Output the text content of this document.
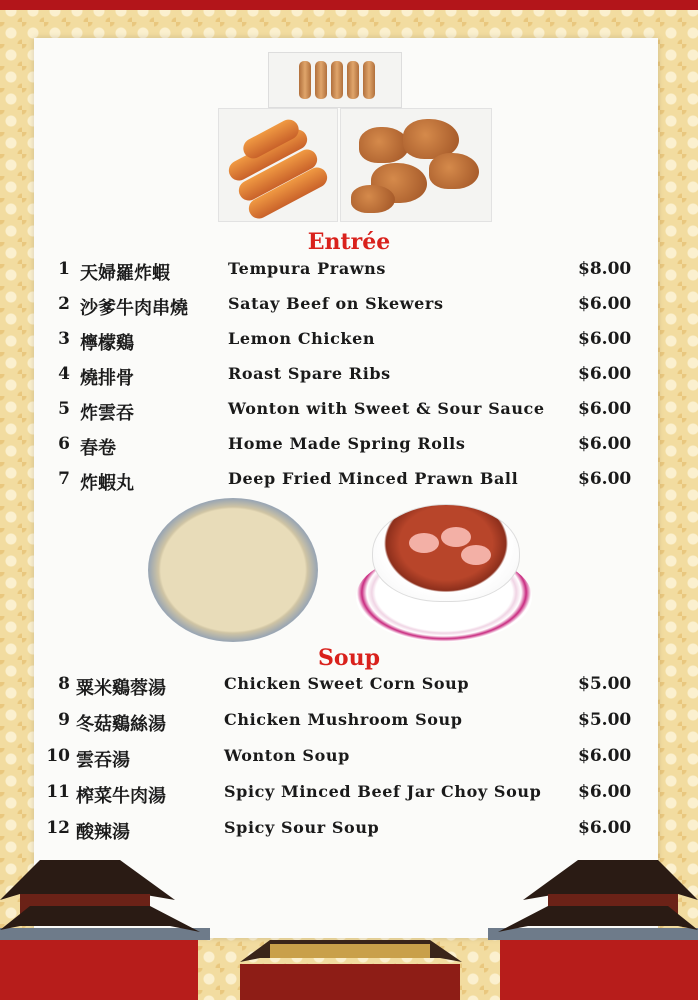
Entrée
1 天婦羅炸蝦	Tempura Prawns	$8.00
2 沙爹牛肉串燒	Satay Beef on Skewers	$6.00
3 檸檬鷄	Lemon Chicken	$6.00
4 燒排骨	Roast Spare Ribs	$6.00
5 炸雲吞	Wonton with Sweet & Sour Sauce $6.00
6 春卷	Home Made Spring Rolls	$6.00
7 炸蝦丸	Deep Fried Minced Prawn Ball	$6.00
Soup
8 粟米鷄蓉湯	Chicken Sweet Corn Soup	$5.00
9 冬菇鷄絲湯	Chicken Mushroom Soup	$5.00
10 雲吞湯	Wonton Soup	$6.00
11 榨菜牛肉湯	Spicy Minced Beef Jar Choy Soup $6.00
12 酸辣湯	Spicy Sour Soup	$6.00
